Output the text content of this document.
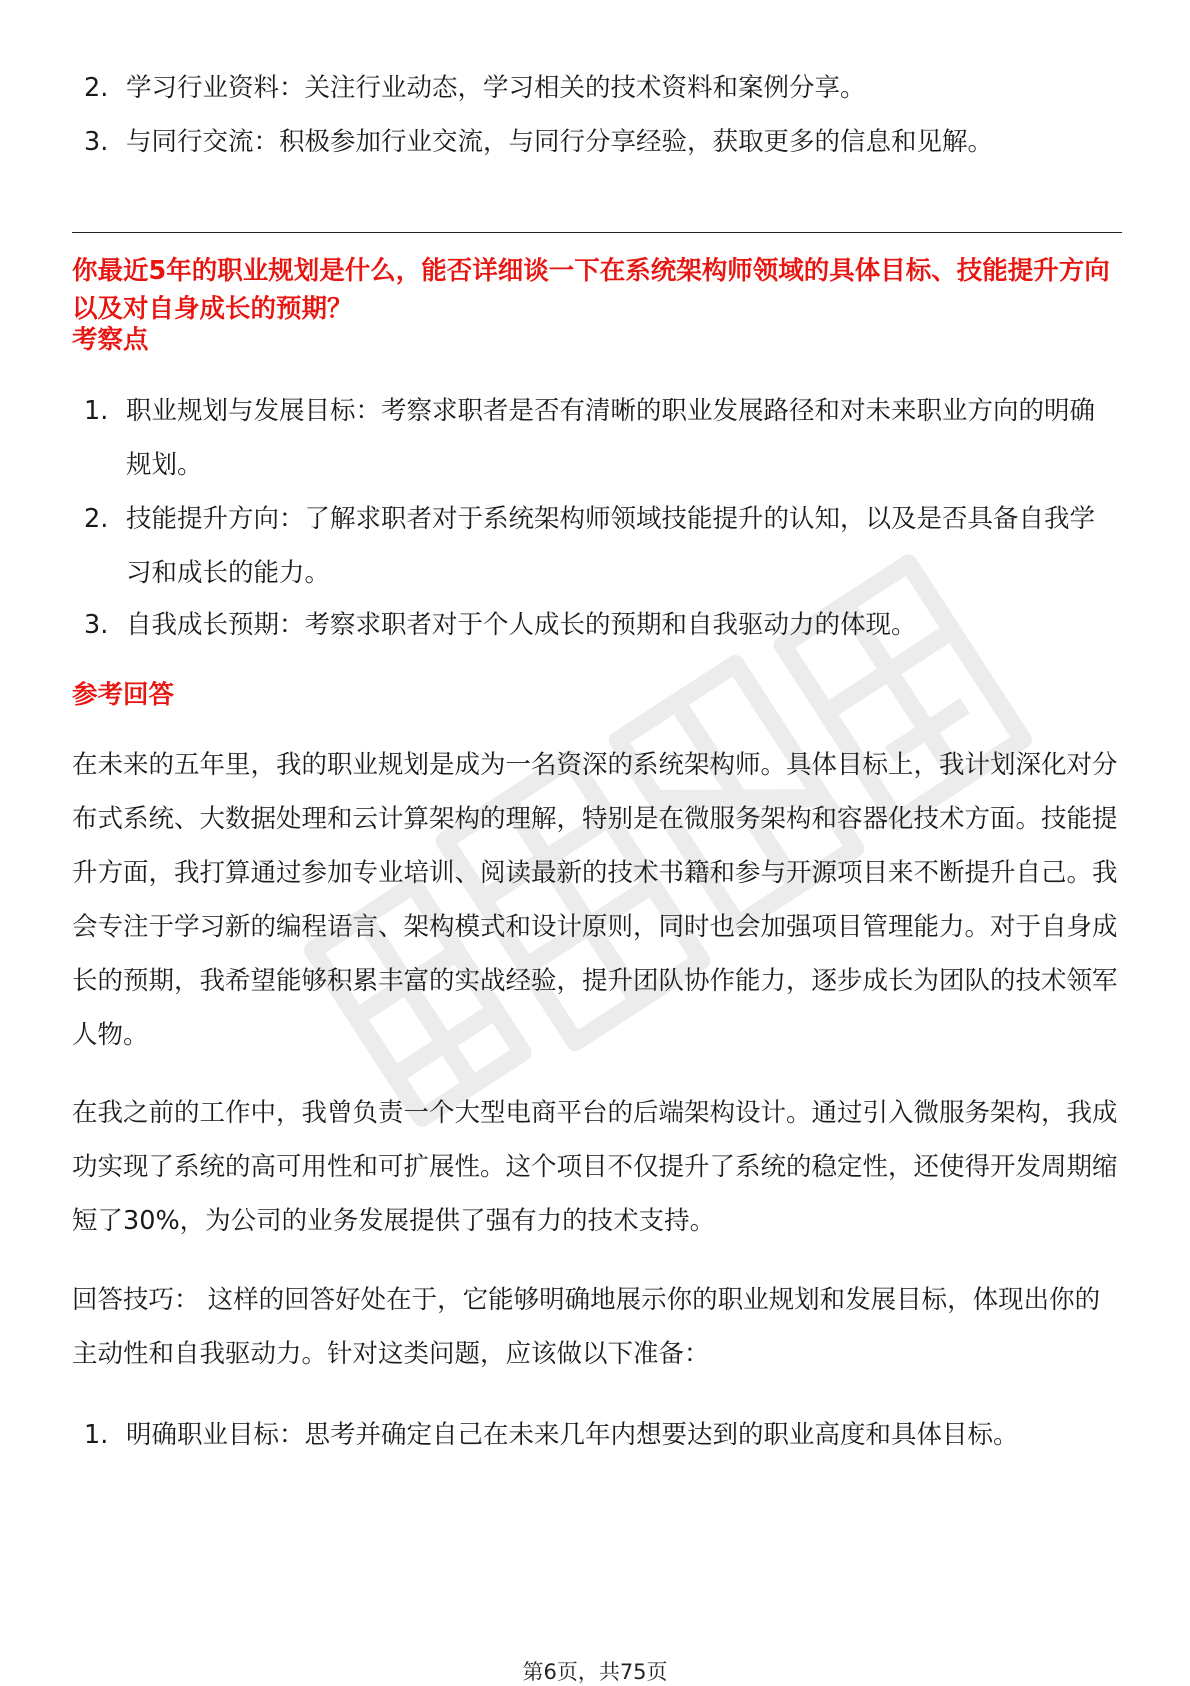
2. 学习行业资料：关注行业动态，学习相关的技术资料和案例分享。
3. 与同行交流：积极参加行业交流，与同行分享经验，获取更多的信息和见解。
你最近5年的职业规划是什么，能否详细谈一下在系统架构师领域的具体目标、技能提升方向以及对自身成长的预期？
考察点
1. 职业规划与发展目标：考察求职者是否有清晰的职业发展路径和对未来职业方向的明确规划。
2. 技能提升方向：了解求职者对于系统架构师领域技能提升的认知，以及是否具备自我学习和成长的能力。
3. 自我成长预期：考察求职者对于个人成长的预期和自我驱动力的体现。
参考回答
在未来的五年里，我的职业规划是成为一名资深的系统架构师。具体目标上，我计划深化对分布式系统、大数据处理和云计算架构的理解，特别是在微服务架构和容器化技术方面。技能提升方面，我打算通过参加专业培训、阅读最新的技术书籍和参与开源项目来不断提升自己。我会专注于学习新的编程语言、架构模式和设计原则，同时也会加强项目管理能力。对于自身成长的预期，我希望能够积累丰富的实战经验，提升团队协作能力，逐步成长为团队的技术领军人物。
在我之前的工作中，我曾负责一个大型电商平台的后端架构设计。通过引入微服务架构，我成功实现了系统的高可用性和可扩展性。这个项目不仅提升了系统的稳定性，还使得开发周期缩短了30%，为公司的业务发展提供了强有力的技术支持。
回答技巧： 这样的回答好处在于，它能够明确地展示你的职业规划和发展目标，体现出你的主动性和自我驱动力。针对这类问题，应该做以下准备：
1. 明确职业目标：思考并确定自己在未来几年内想要达到的职业高度和具体目标。
第6页，共75页
